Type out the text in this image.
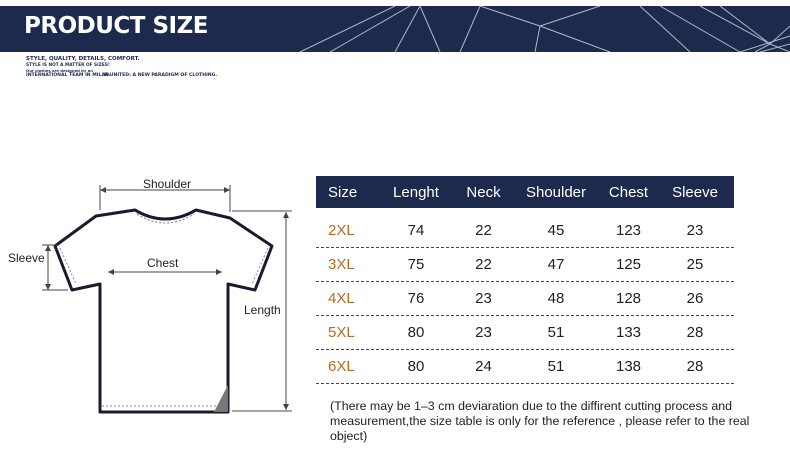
PRODUCT SIZE
STYLE, QUALITY, DETAILS, COMFORT.
STYLE IS NOT A MATTER OF SIZES!
Our clothes are designed by an
INTERNATIONAL TEAM IN MILAN.
H-UNITED: A NEW PARADIGM OF CLOTHING.
Shoulder
Sleeve	Chest
Length
Size	Lenght	Neck	Shoulder	Chest	Sleeve
2XL	74	22	45	123	23
3XL	75	22	47	125	25
4XL	76	23	48	128	26
5XL	80	23	51	133	28
6XL	80	24	51	138	28
(There may be 1–3 cm deviaration due to the diffirent cutting process and measurement,the size table is only for the reference , please refer to the real object)
